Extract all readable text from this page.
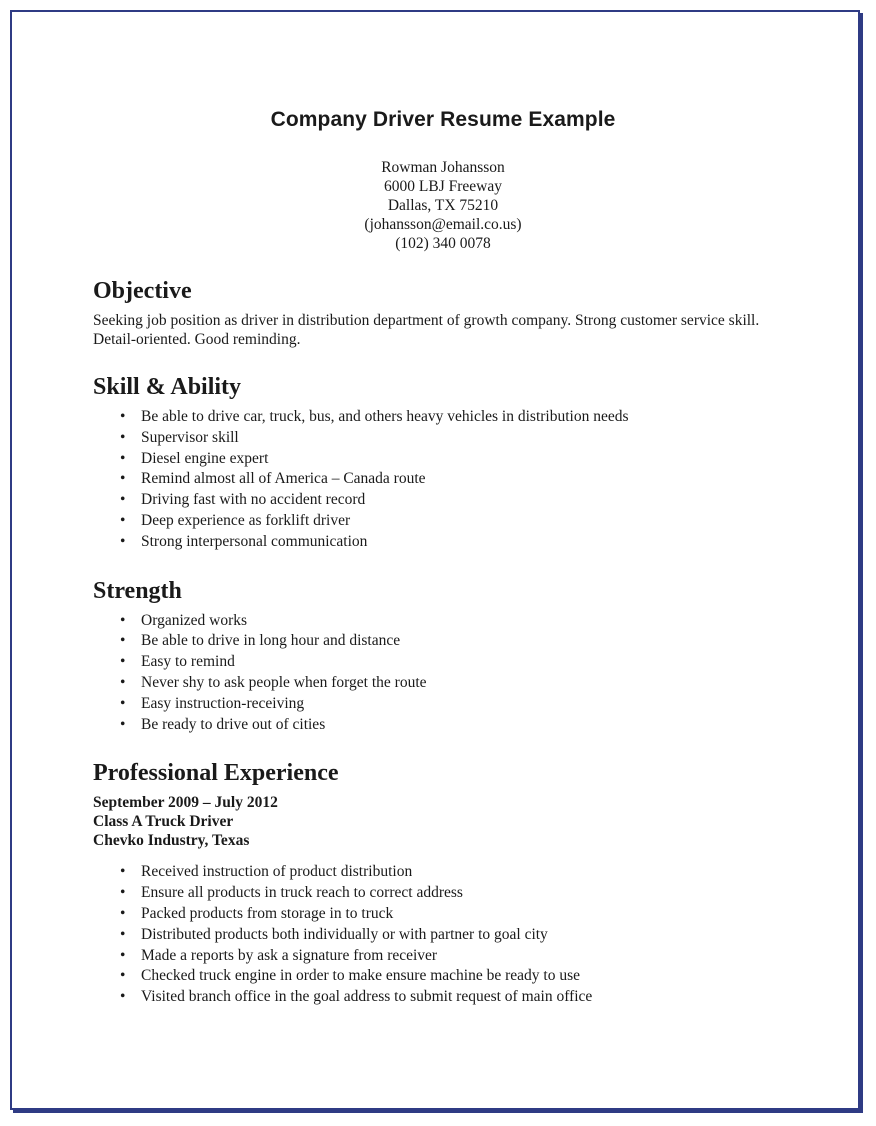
Company Driver Resume Example
Rowman Johansson
6000 LBJ Freeway
Dallas, TX 75210
(johansson@email.co.us)
(102) 340 0078
Objective

Seeking job position as driver in distribution department of growth company. Strong customer service skill. Detail-oriented. Good reminding.

Skill & Ability
• Be able to drive car, truck, bus, and others heavy vehicles in distribution needs
• Supervisor skill
• Diesel engine expert
• Remind almost all of America – Canada route
• Driving fast with no accident record
• Deep experience as forklift driver
• Strong interpersonal communication
Strength
• Organized works
• Be able to drive in long hour and distance
• Easy to remind
• Never shy to ask people when forget the route
• Easy instruction-receiving
• Be ready to drive out of cities
Professional Experience
September 2009 – July 2012
Class A Truck Driver
Chevko Industry, Texas
• Received instruction of product distribution
• Ensure all products in truck reach to correct address
• Packed products from storage in to truck
• Distributed products both individually or with partner to goal city
• Made a reports by ask a signature from receiver
• Checked truck engine in order to make ensure machine be ready to use
• Visited branch office in the goal address to submit request of main office
